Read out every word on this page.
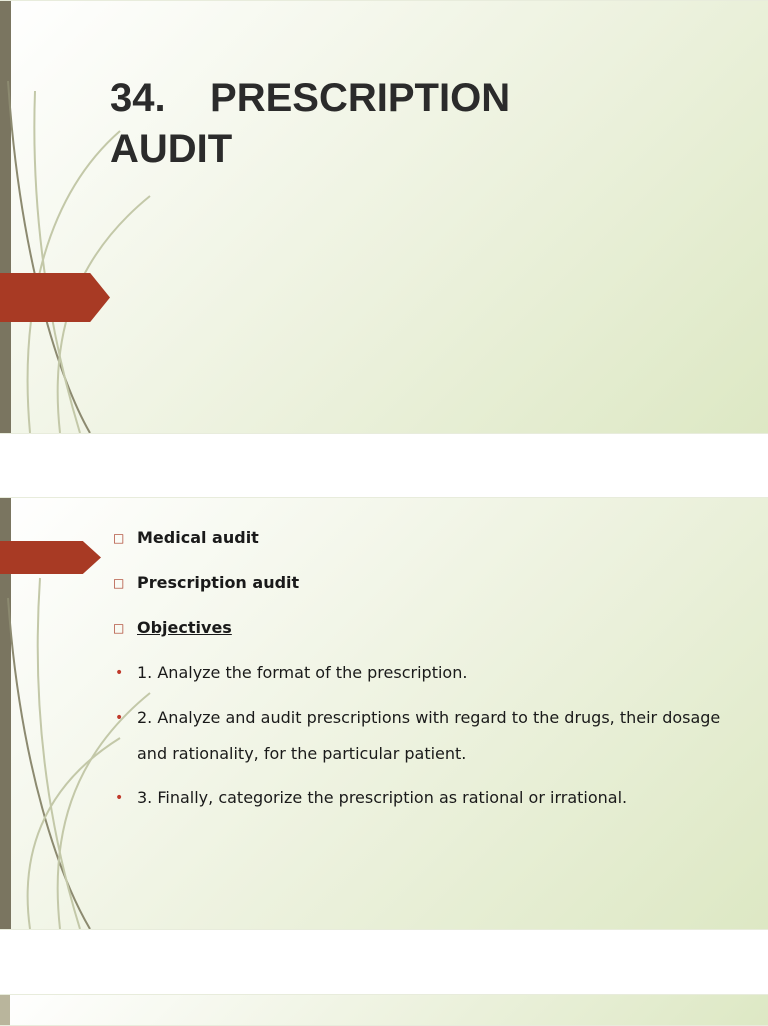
34.    PRESCRIPTION
AUDIT
□ Medical audit
□ Prescription audit
□ Objectives
• 1. Analyze the format of the prescription.
• 2. Analyze and audit prescriptions with regard to the drugs, their dosage and rationality, for the particular patient.
• 3. Finally, categorize the prescription as rational or irrational.
